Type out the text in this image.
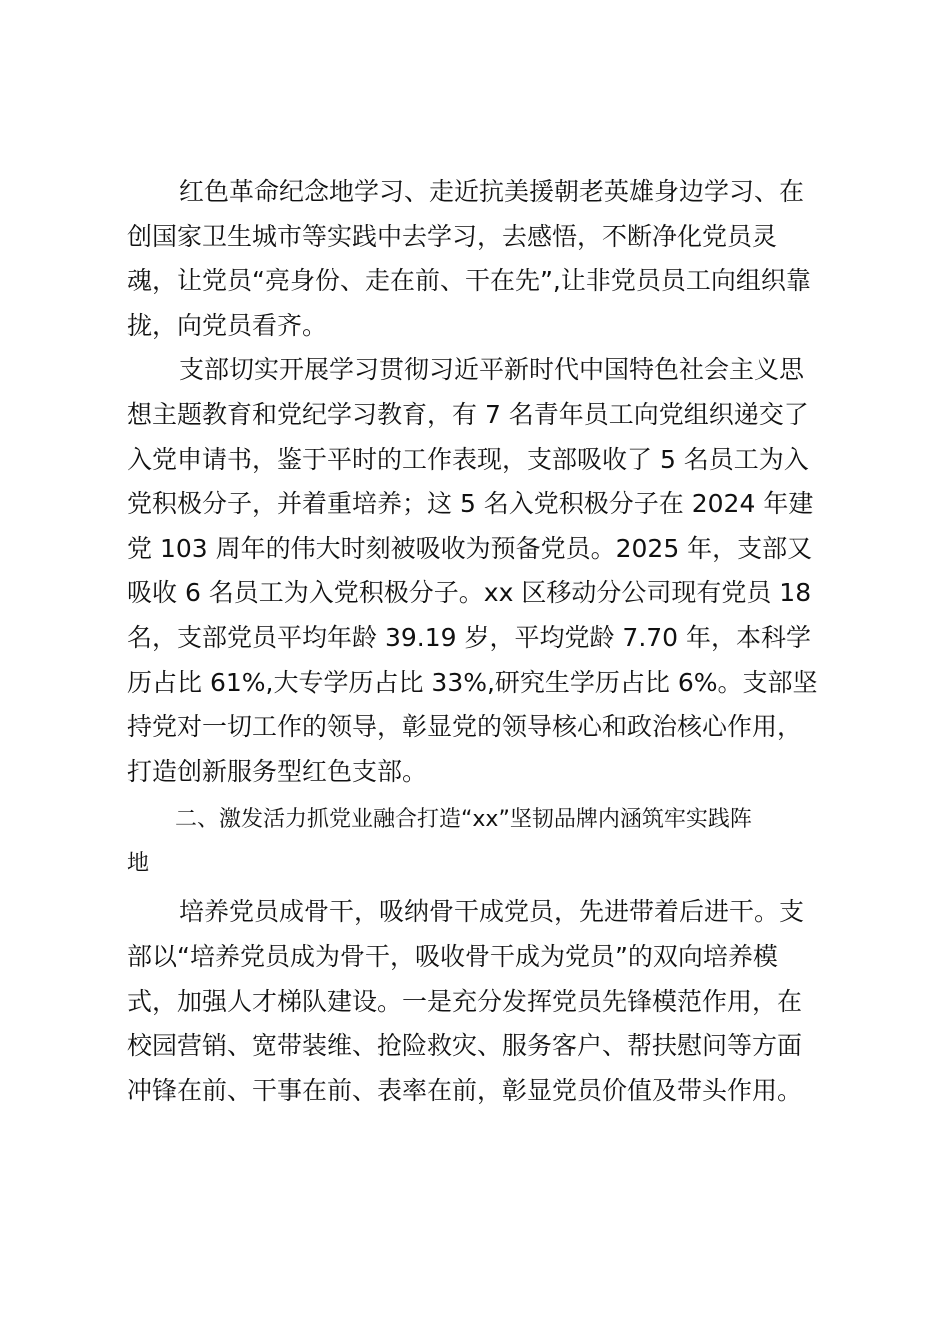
红色革命纪念地学习、走近抗美援朝老英雄身边学习、在
创国家卫生城市等实践中去学习，去感悟，不断净化党员灵
魂，让党员“亮身份、走在前、干在先”,让非党员员工向组织靠
拢，向党员看齐。
支部切实开展学习贯彻习近平新时代中国特色社会主义思
想主题教育和党纪学习教育，有 7 名青年员工向党组织递交了
入党申请书，鉴于平时的工作表现，支部吸收了 5 名员工为入
党积极分子，并着重培养；这 5 名入党积极分子在 2024 年建
党 103 周年的伟大时刻被吸收为预备党员。2025 年，支部又
吸收 6 名员工为入党积极分子。xx 区移动分公司现有党员 18
名，支部党员平均年龄 39.19 岁，平均党龄 7.70 年，本科学
历占比 61%,大专学历占比 33%,研究生学历占比 6%。支部坚
持党对一切工作的领导，彰显党的领导核心和政治核心作用，
打造创新服务型红色支部。
二、激发活力抓党业融合打造“xx”坚韧品牌内涵筑牢实践阵
地
培养党员成骨干，吸纳骨干成党员，先进带着后进干。支
部以“培养党员成为骨干，吸收骨干成为党员”的双向培养模
式，加强人才梯队建设。一是充分发挥党员先锋模范作用，在
校园营销、宽带装维、抢险救灾、服务客户、帮扶慰问等方面
冲锋在前、干事在前、表率在前，彰显党员价值及带头作用。
